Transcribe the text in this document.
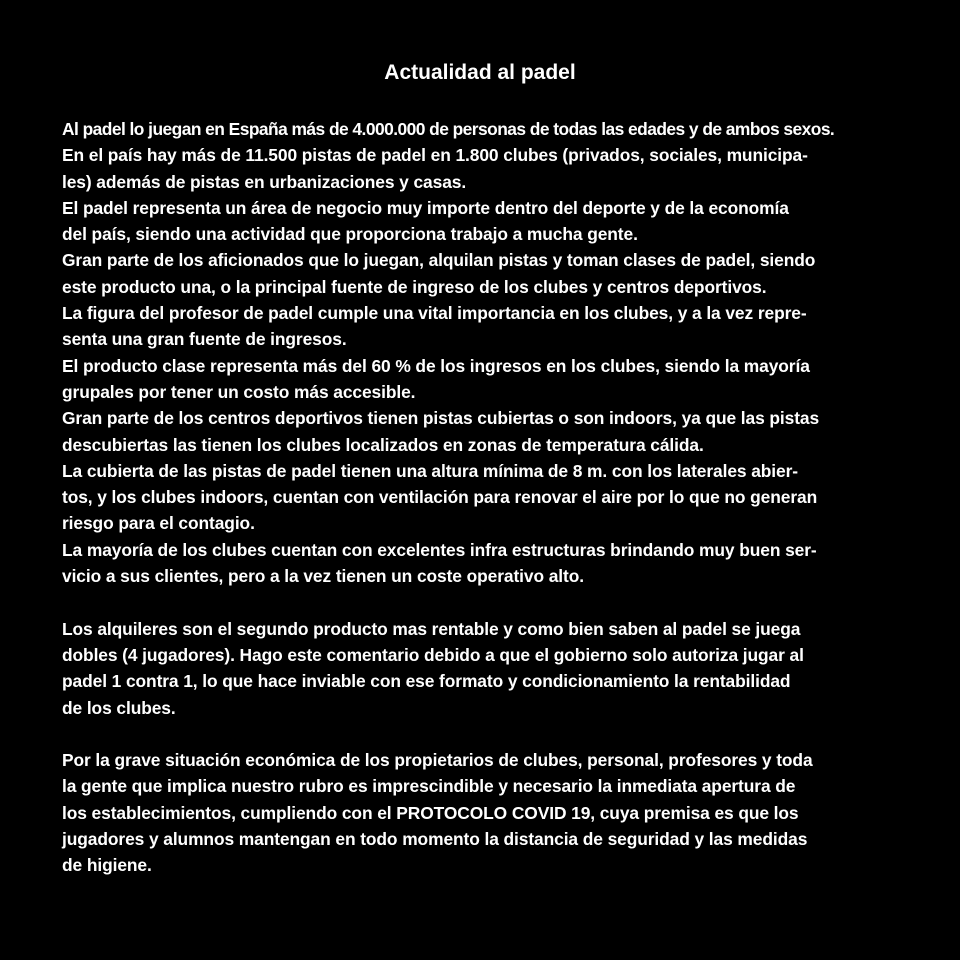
Actualidad al padel
Al padel lo juegan en España más de 4.000.000 de personas de todas las edades y de ambos sexos.
En el país hay más de 11.500 pistas de padel en 1.800 clubes (privados, sociales, municipa-
les) además de pistas en urbanizaciones y casas.
El padel representa un área de negocio muy importe dentro del deporte y de la economía
del país, siendo una actividad que proporciona trabajo a mucha gente.
Gran parte de los aficionados que lo juegan, alquilan pistas y toman clases de padel, siendo
este producto una, o la principal fuente de ingreso de los clubes y centros deportivos.
La figura del profesor de padel cumple una vital importancia en los clubes, y a la vez repre-
senta una gran fuente de ingresos.
El producto clase representa más del 60 % de los ingresos en los clubes, siendo la mayoría
grupales por tener un costo más accesible.
Gran parte de los centros deportivos tienen pistas cubiertas o son indoors, ya que las pistas
descubiertas las tienen los clubes localizados en zonas de temperatura cálida.
La cubierta de las pistas de padel tienen una altura mínima de 8 m. con los laterales abier-
tos, y los clubes indoors, cuentan con ventilación para renovar el aire por lo que no generan
riesgo para el contagio.
La mayoría de los clubes cuentan con excelentes infra estructuras brindando muy buen ser-
vicio a sus clientes, pero a la vez tienen un coste operativo alto.
Los alquileres son el segundo producto mas rentable y como bien saben al padel se juega
dobles (4 jugadores). Hago este comentario debido a que el gobierno solo autoriza jugar al
padel 1 contra 1, lo que hace inviable con ese formato y condicionamiento la rentabilidad
de los clubes.
Por la grave situación económica de los propietarios de clubes, personal, profesores y toda
la gente que implica nuestro rubro es imprescindible y necesario la inmediata apertura de
los establecimientos, cumpliendo con el PROTOCOLO COVID 19, cuya premisa es que los
jugadores y alumnos mantengan en todo momento la distancia de seguridad y las medidas
de higiene.
